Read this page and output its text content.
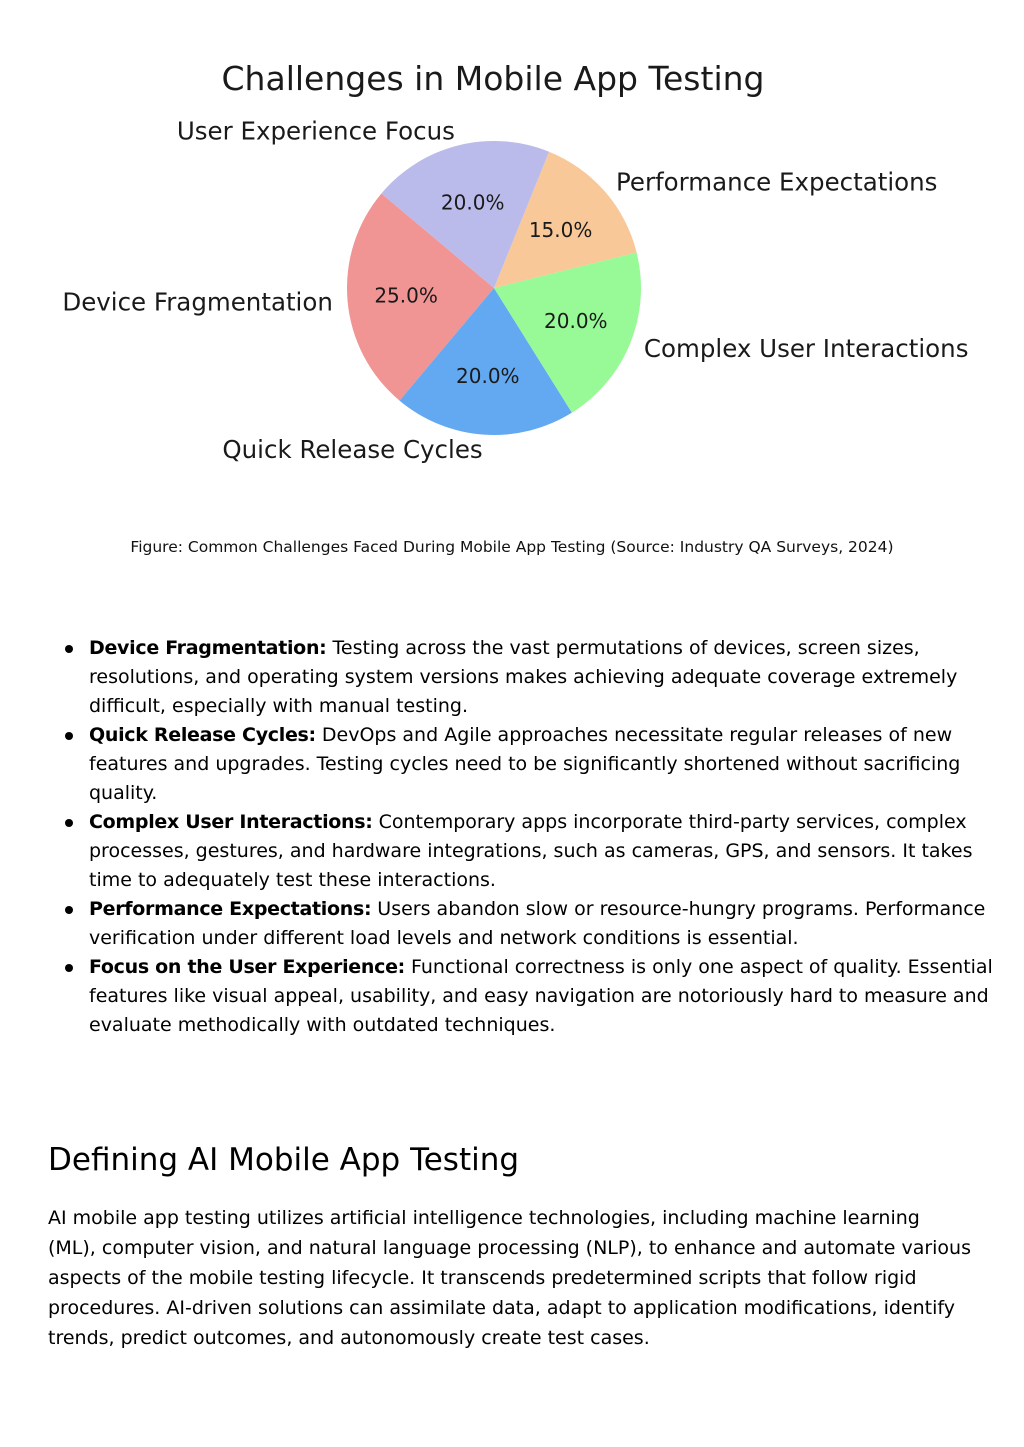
Challenges in Mobile App Testing
25.0%
20.0%
20.0%
15.0%
20.0%
Device Fragmentation
Quick Release Cycles
Complex User Interactions
Performance Expectations
User Experience Focus
Figure: Common Challenges Faced During Mobile App Testing (Source: Industry QA Surveys, 2024)
Device Fragmentation: Testing across the vast permutations of devices, screen sizes, resolutions, and operating system versions makes achieving adequate coverage extremely difficult, especially with manual testing.
Quick Release Cycles: DevOps and Agile approaches necessitate regular releases of new features and upgrades. Testing cycles need to be significantly shortened without sacrificing quality.
Complex User Interactions: Contemporary apps incorporate third-party services, complex processes, gestures, and hardware integrations, such as cameras, GPS, and sensors. It takes time to adequately test these interactions.
Performance Expectations: Users abandon slow or resource-hungry programs. Performance verification under different load levels and network conditions is essential.
Focus on the User Experience: Functional correctness is only one aspect of quality. Essential features like visual appeal, usability, and easy navigation are notoriously hard to measure and evaluate methodically with outdated techniques.
Defining AI Mobile App Testing

AI mobile app testing utilizes artificial intelligence technologies, including machine learning (ML), computer vision, and natural language processing (NLP), to enhance and automate various aspects of the mobile testing lifecycle. It transcends predetermined scripts that follow rigid procedures. AI-driven solutions can assimilate data, adapt to application modifications, identify trends, predict outcomes, and autonomously create test cases.
